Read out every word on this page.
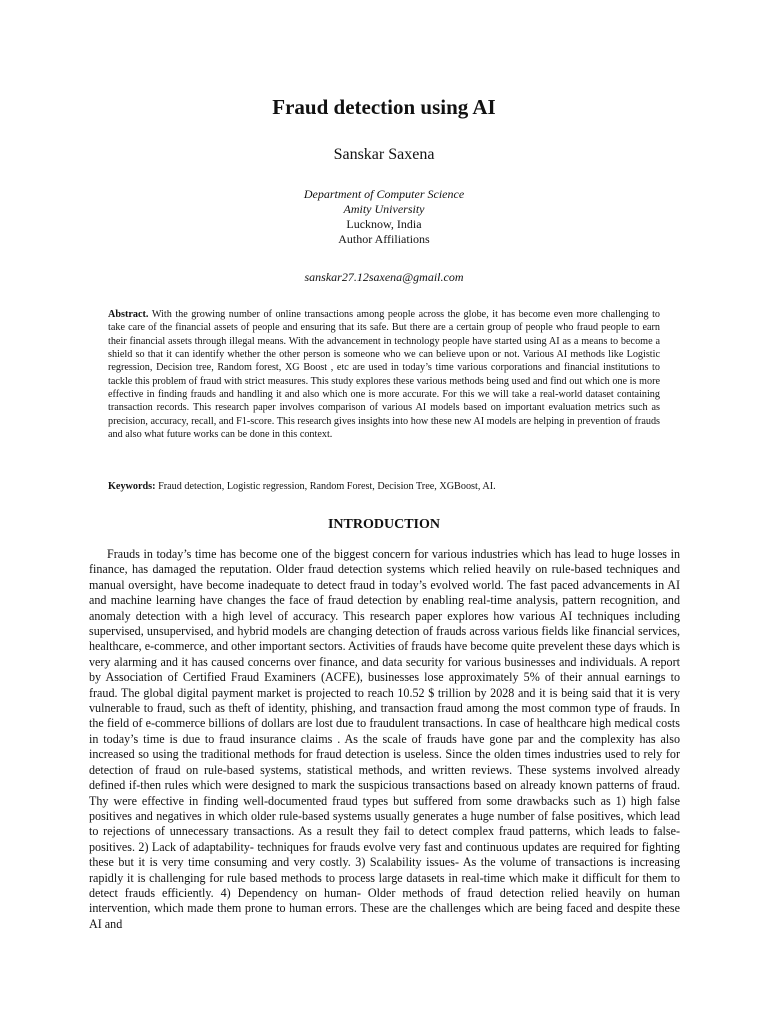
Fraud detection using AI
Sanskar Saxena
Department of Computer Science
Amity University
Lucknow, India
Author Affiliations
sanskar27.12saxena@gmail.com

Abstract. With the growing number of online transactions among people across the globe, it has become even more challenging to take care of the financial assets of people and ensuring that its safe. But there are a certain group of people who fraud people to earn their financial assets through illegal means. With the advancement in technology people have started using AI as a means to become a shield so that it can identify whether the other person is someone who we can believe upon or not. Various AI methods like Logistic regression, Decision tree, Random forest, XG Boost , etc are used in today’s time various corporations and financial institutions to tackle this problem of fraud with strict measures. This study explores these various methods being used and find out which one is more effective in finding frauds and handling it and also which one is more accurate. For this we will take a real-world dataset containing transaction records. This research paper involves comparison of various AI models based on important evaluation metrics such as precision, accuracy, recall, and F1-score. This research gives insights into how these new AI models are helping in prevention of frauds and also what future works can be done in this context.

Keywords: Fraud detection, Logistic regression, Random Forest, Decision Tree, XGBoost, AI.

INTRODUCTION

Frauds in today’s time has become one of the biggest concern for various industries which has lead to huge losses in finance, has damaged the reputation. Older fraud detection systems which relied heavily on rule-based techniques and manual oversight, have become inadequate to detect fraud in today’s evolved world. The fast paced advancements in AI and machine learning have changes the face of fraud detection by enabling real-time analysis, pattern recognition, and anomaly detection with a high level of accuracy. This research paper explores how various AI techniques including supervised, unsupervised, and hybrid models are changing detection of frauds across various fields like financial services, healthcare, e-commerce, and other important sectors. Activities of frauds have become quite prevelent these days which is very alarming and it has caused concerns over finance, and data security for various businesses and individuals. A report by Association of Certified Fraud Examiners (ACFE), businesses lose approximately 5% of their annual earnings to fraud. The global digital payment market is projected to reach 10.52 $ trillion by 2028 and it is being said that it is very vulnerable to fraud, such as theft of identity, phishing, and transaction fraud among the most common type of frauds. In the field of e-commerce billions of dollars are lost due to fraudulent transactions. In case of healthcare high medical costs in today’s time is due to fraud insurance claims . As the scale of frauds have gone par and the complexity has also increased so using the traditional methods for fraud detection is useless. Since the olden times industries used to rely for detection of fraud on rule-based systems, statistical methods, and written reviews. These systems involved already defined if-then rules which were designed to mark the suspicious transactions based on already known patterns of fraud. Thy were effective in finding well-documented fraud types but suffered from some drawbacks such as 1) high false positives and negatives in which older rule-based systems usually generates a huge number of false positives, which lead to rejections of unnecessary transactions. As a result they fail to detect complex fraud patterns, which leads to false-positives. 2) Lack of adaptability- techniques for frauds evolve very fast and continuous updates are required for fighting these but it is very time consuming and very costly. 3) Scalability issues- As the volume of transactions is increasing rapidly it is challenging for rule based methods to process large datasets in real-time which make it difficult for them to detect frauds efficiently. 4) Dependency on human- Older methods of fraud detection relied heavily on human intervention, which made them prone to human errors. These are the challenges which are being faced and despite these AI and
